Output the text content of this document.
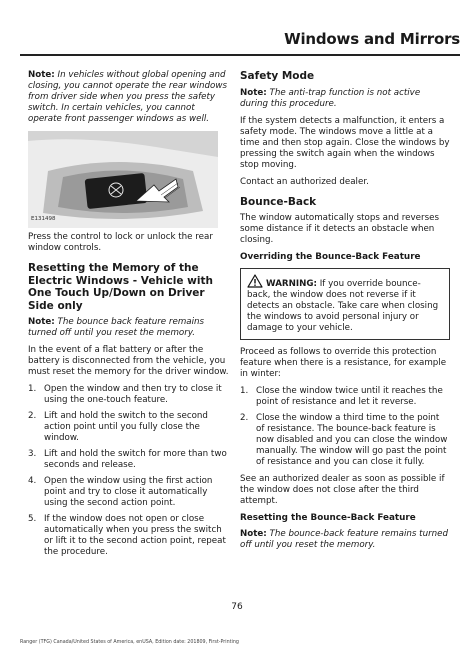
Windows and Mirrors

Note: In vehicles without global opening and closing, you cannot operate the rear windows from driver side when you press the safety switch. In certain vehicles, you cannot operate front passenger windows as well.

E131498

Press the control to lock or unlock the rear window controls.

Resetting the Memory of the Electric Windows - Vehicle with One Touch Up/Down on Driver Side only

Note: The bounce back feature remains turned off until you reset the memory.

In the event of a flat battery or after the battery is disconnected from the vehicle, you must reset the memory for the driver window.

1. Open the window and then try to close it using the one-touch feature.
2. Lift and hold the switch to the second action point until you fully close the window.
3. Lift and hold the switch for more than two seconds and release.
4. Open the window using the first action point and try to close it automatically using the second action point.
5. If the window does not open or close automatically when you press the switch or lift it to the second action point, repeat the procedure.
Safety Mode

Note: The anti-trap function is not active during this procedure.

If the system detects a malfunction, it enters a safety mode. The windows move a little at a time and then stop again. Close the windows by pressing the switch again when the windows stop moving.

Contact an authorized dealer.

Bounce-Back

The window automatically stops and reverses some distance if it detects an obstacle when closing.

Overriding the Bounce-Back Feature
WARNING: If you override bounce-back, the window does not reverse if it detects an obstacle. Take care when closing the windows to avoid personal injury or damage to your vehicle.

Proceed as follows to override this protection feature when there is a resistance, for example in winter:

1. Close the window twice until it reaches the point of resistance and let it reverse.
2. Close the window a third time to the point of resistance. The bounce-back feature is now disabled and you can close the window manually. The window will go past the point of resistance and you can close it fully.

See an authorized dealer as soon as possible if the window does not close after the third attempt.

Resetting the Bounce-Back Feature

Note: The bounce-back feature remains turned off until you reset the memory.

76
Ranger (TFG) Canada/United States of America, enUSA, Edition date: 201809, First-Printing
